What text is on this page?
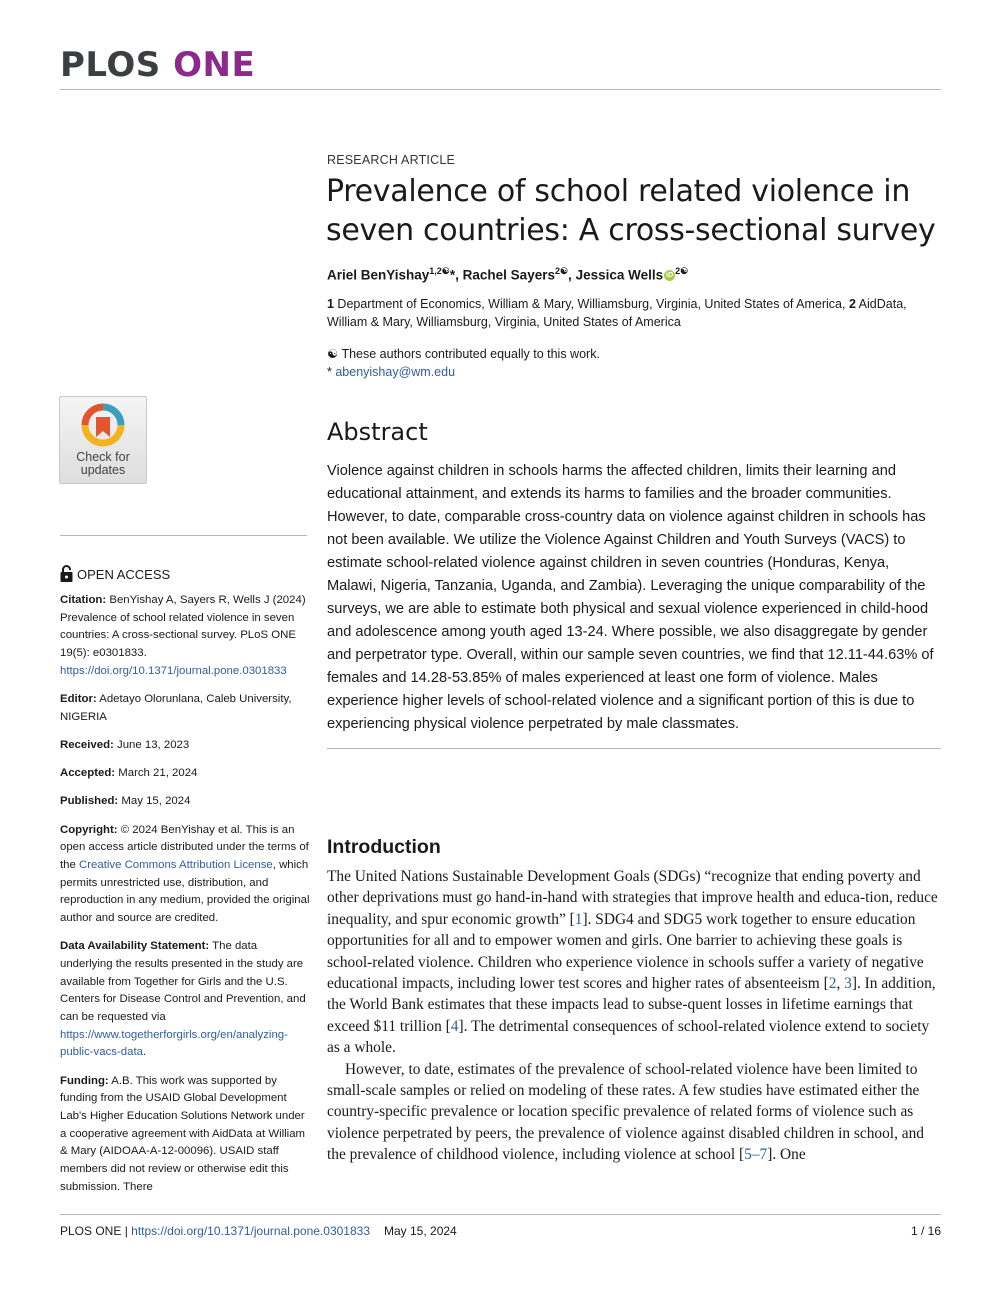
PLOS ONE
RESEARCH ARTICLE
Prevalence of school related violence in seven countries: A cross-sectional survey
Ariel BenYishay$^{1,2☯}$*, Rachel Sayers$^{2☯}$, Jessica Wells iD $^{2☯}$
1 Department of Economics, William & Mary, Williamsburg, Virginia, United States of America, 2 AidData, William & Mary, Williamsburg, Virginia, United States of America
☯ These authors contributed equally to this work.
* abenyishay@wm.edu
Abstract
Violence against children in schools harms the affected children, limits their learning and educational attainment, and extends its harms to families and the broader communities. However, to date, comparable cross-country data on violence against children in schools has not been available. We utilize the Violence Against Children and Youth Surveys (VACS) to estimate school-related violence against children in seven countries (Honduras, Kenya, Malawi, Nigeria, Tanzania, Uganda, and Zambia). Leveraging the unique comparability of the surveys, we are able to estimate both physical and sexual violence experienced in child-hood and adolescence among youth aged 13-24. Where possible, we also disaggregate by gender and perpetrator type. Overall, within our sample seven countries, we find that 12.11-44.63% of females and 14.28-53.85% of males experienced at least one form of violence. Males experience higher levels of school-related violence and a significant portion of this is due to experiencing physical violence perpetrated by male classmates.
Introduction

The United Nations Sustainable Development Goals (SDGs) “recognize that ending poverty and other deprivations must go hand-in-hand with strategies that improve health and educa-tion, reduce inequality, and spur economic growth” [1]. SDG4 and SDG5 work together to ensure education opportunities for all and to empower women and girls. One barrier to achieving these goals is school-related violence. Children who experience violence in schools suffer a variety of negative educational impacts, including lower test scores and higher rates of absenteeism [2, 3]. In addition, the World Bank estimates that these impacts lead to subse-quent losses in lifetime earnings that exceed $11 trillion [4]. The detrimental consequences of school-related violence extend to society as a whole.

However, to date, estimates of the prevalence of school-related violence have been limited to small-scale samples or relied on modeling of these rates. A few studies have estimated either the country-specific prevalence or location specific prevalence of related forms of violence such as violence perpetrated by peers, the prevalence of violence against disabled children in school, and the prevalence of childhood violence, including violence at school [5–7]. One

Check for
updates
OPEN ACCESS

Citation: BenYishay A, Sayers R, Wells J (2024) Prevalence of school related violence in seven countries: A cross-sectional survey. PLoS ONE 19(5): e0301833. https://doi.org/10.1371/journal.pone.0301833

Editor: Adetayo Olorunlana, Caleb University, NIGERIA

Received: June 13, 2023

Accepted: March 21, 2024

Published: May 15, 2024

Copyright: © 2024 BenYishay et al. This is an open access article distributed under the terms of the Creative Commons Attribution License, which permits unrestricted use, distribution, and reproduction in any medium, provided the original author and source are credited.

Data Availability Statement: The data underlying the results presented in the study are available from Together for Girls and the U.S. Centers for Disease Control and Prevention, and can be requested via https://www.togetherforgirls.org/en/analyzing-public-vacs-data.

Funding: A.B. This work was supported by funding from the USAID Global Development Lab's Higher Education Solutions Network under a cooperative agreement with AidData at William & Mary (AIDOAA-A-12-00096). USAID staff members did not review or otherwise edit this submission. There

PLOS ONE | https://doi.org/10.1371/journal.pone.0301833 May 15, 2024	1 / 16
